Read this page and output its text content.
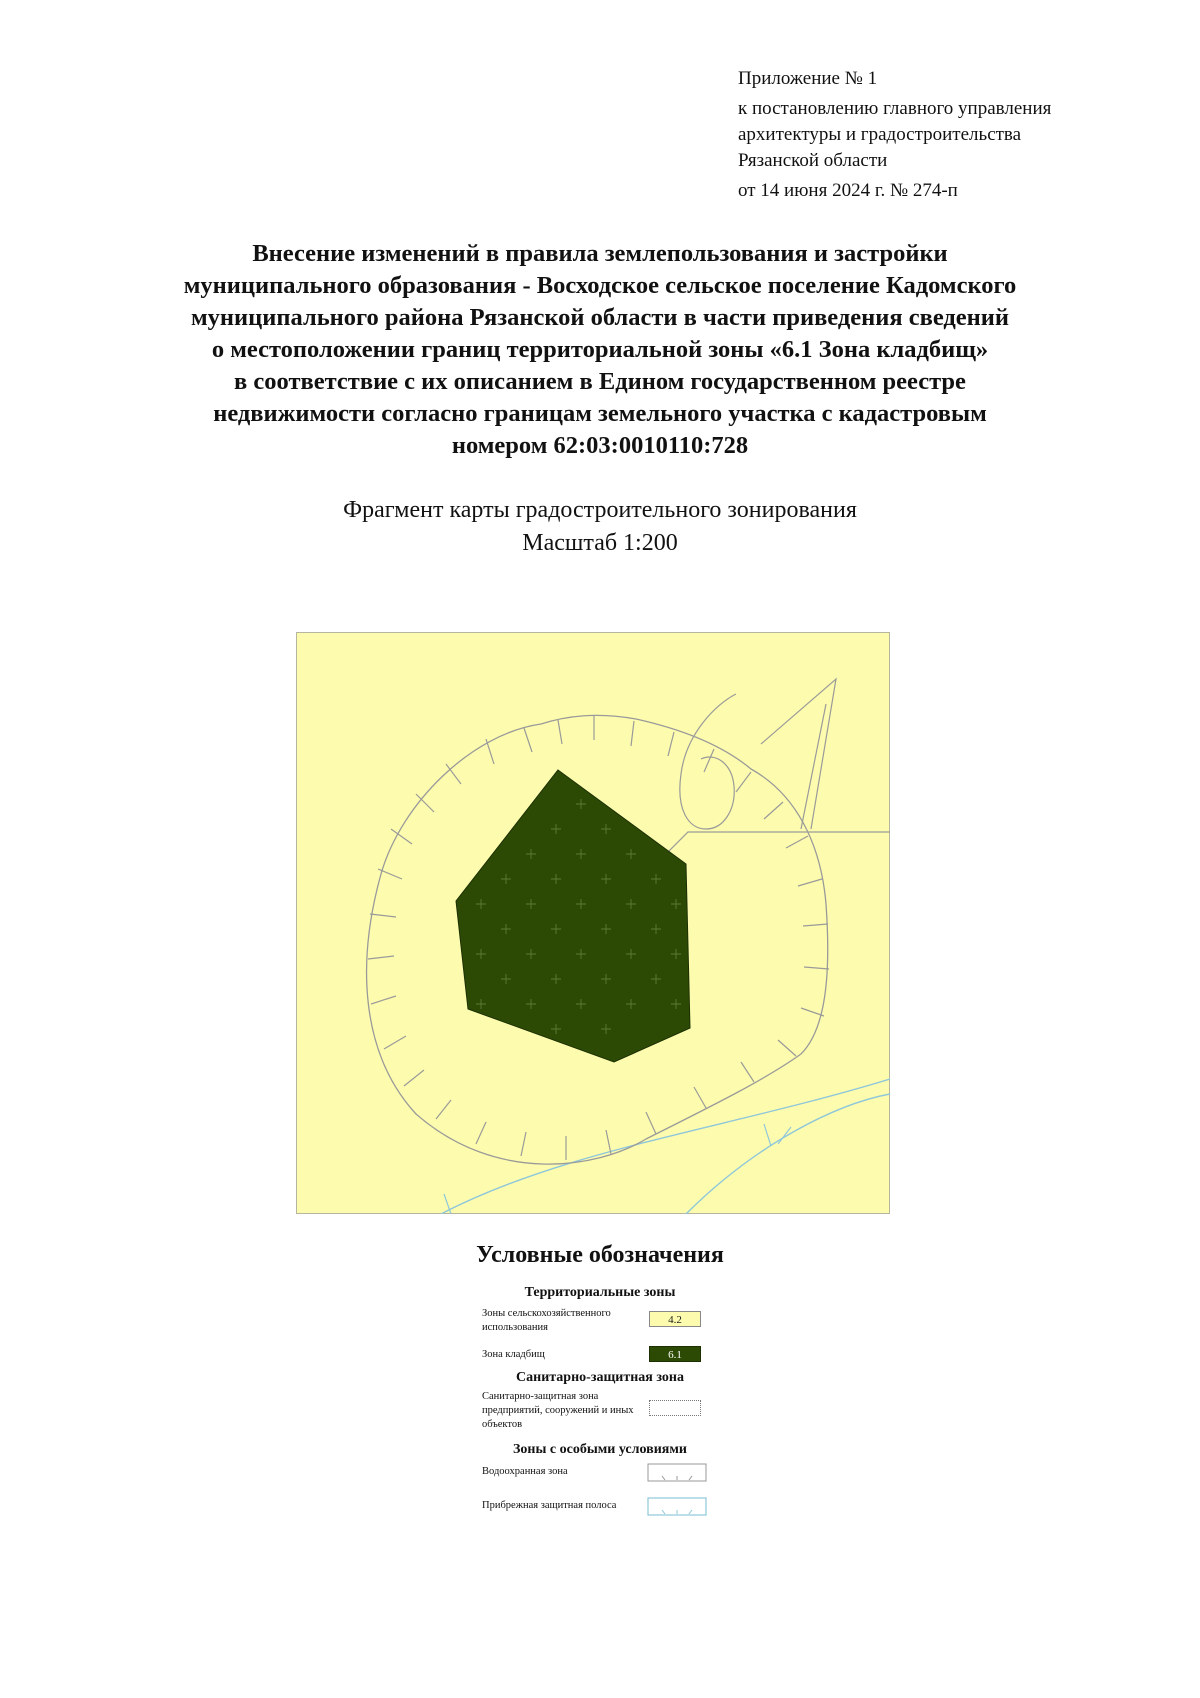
Приложение № 1
к постановлению главного управления
архитектуры и градостроительства
Рязанской области
от 14 июня 2024 г. № 274-п
Внесение изменений в правила землепользования и застройки
муниципального образования - Восходское сельское поселение Кадомского
муниципального района Рязанской области в части приведения сведений
о местоположении границ территориальной зоны «6.1 Зона кладбищ»
в соответствие с их описанием в Едином государственном реестре
недвижимости согласно границам земельного участка с кадастровым
номером 62:03:0010110:728
Фрагмент карты градостроительного зонирования
Масштаб 1:200
Условные обозначения
Территориальные зоны
Зоны сельскохозяйственного использования
4.2
Зона кладбищ	6.1
Санитарно-защитная зона
Санитарно-защитная зона предприятий, сооружений и иных объектов
Зоны с особыми условиями
Водоохранная зона
Прибрежная защитная полоса
